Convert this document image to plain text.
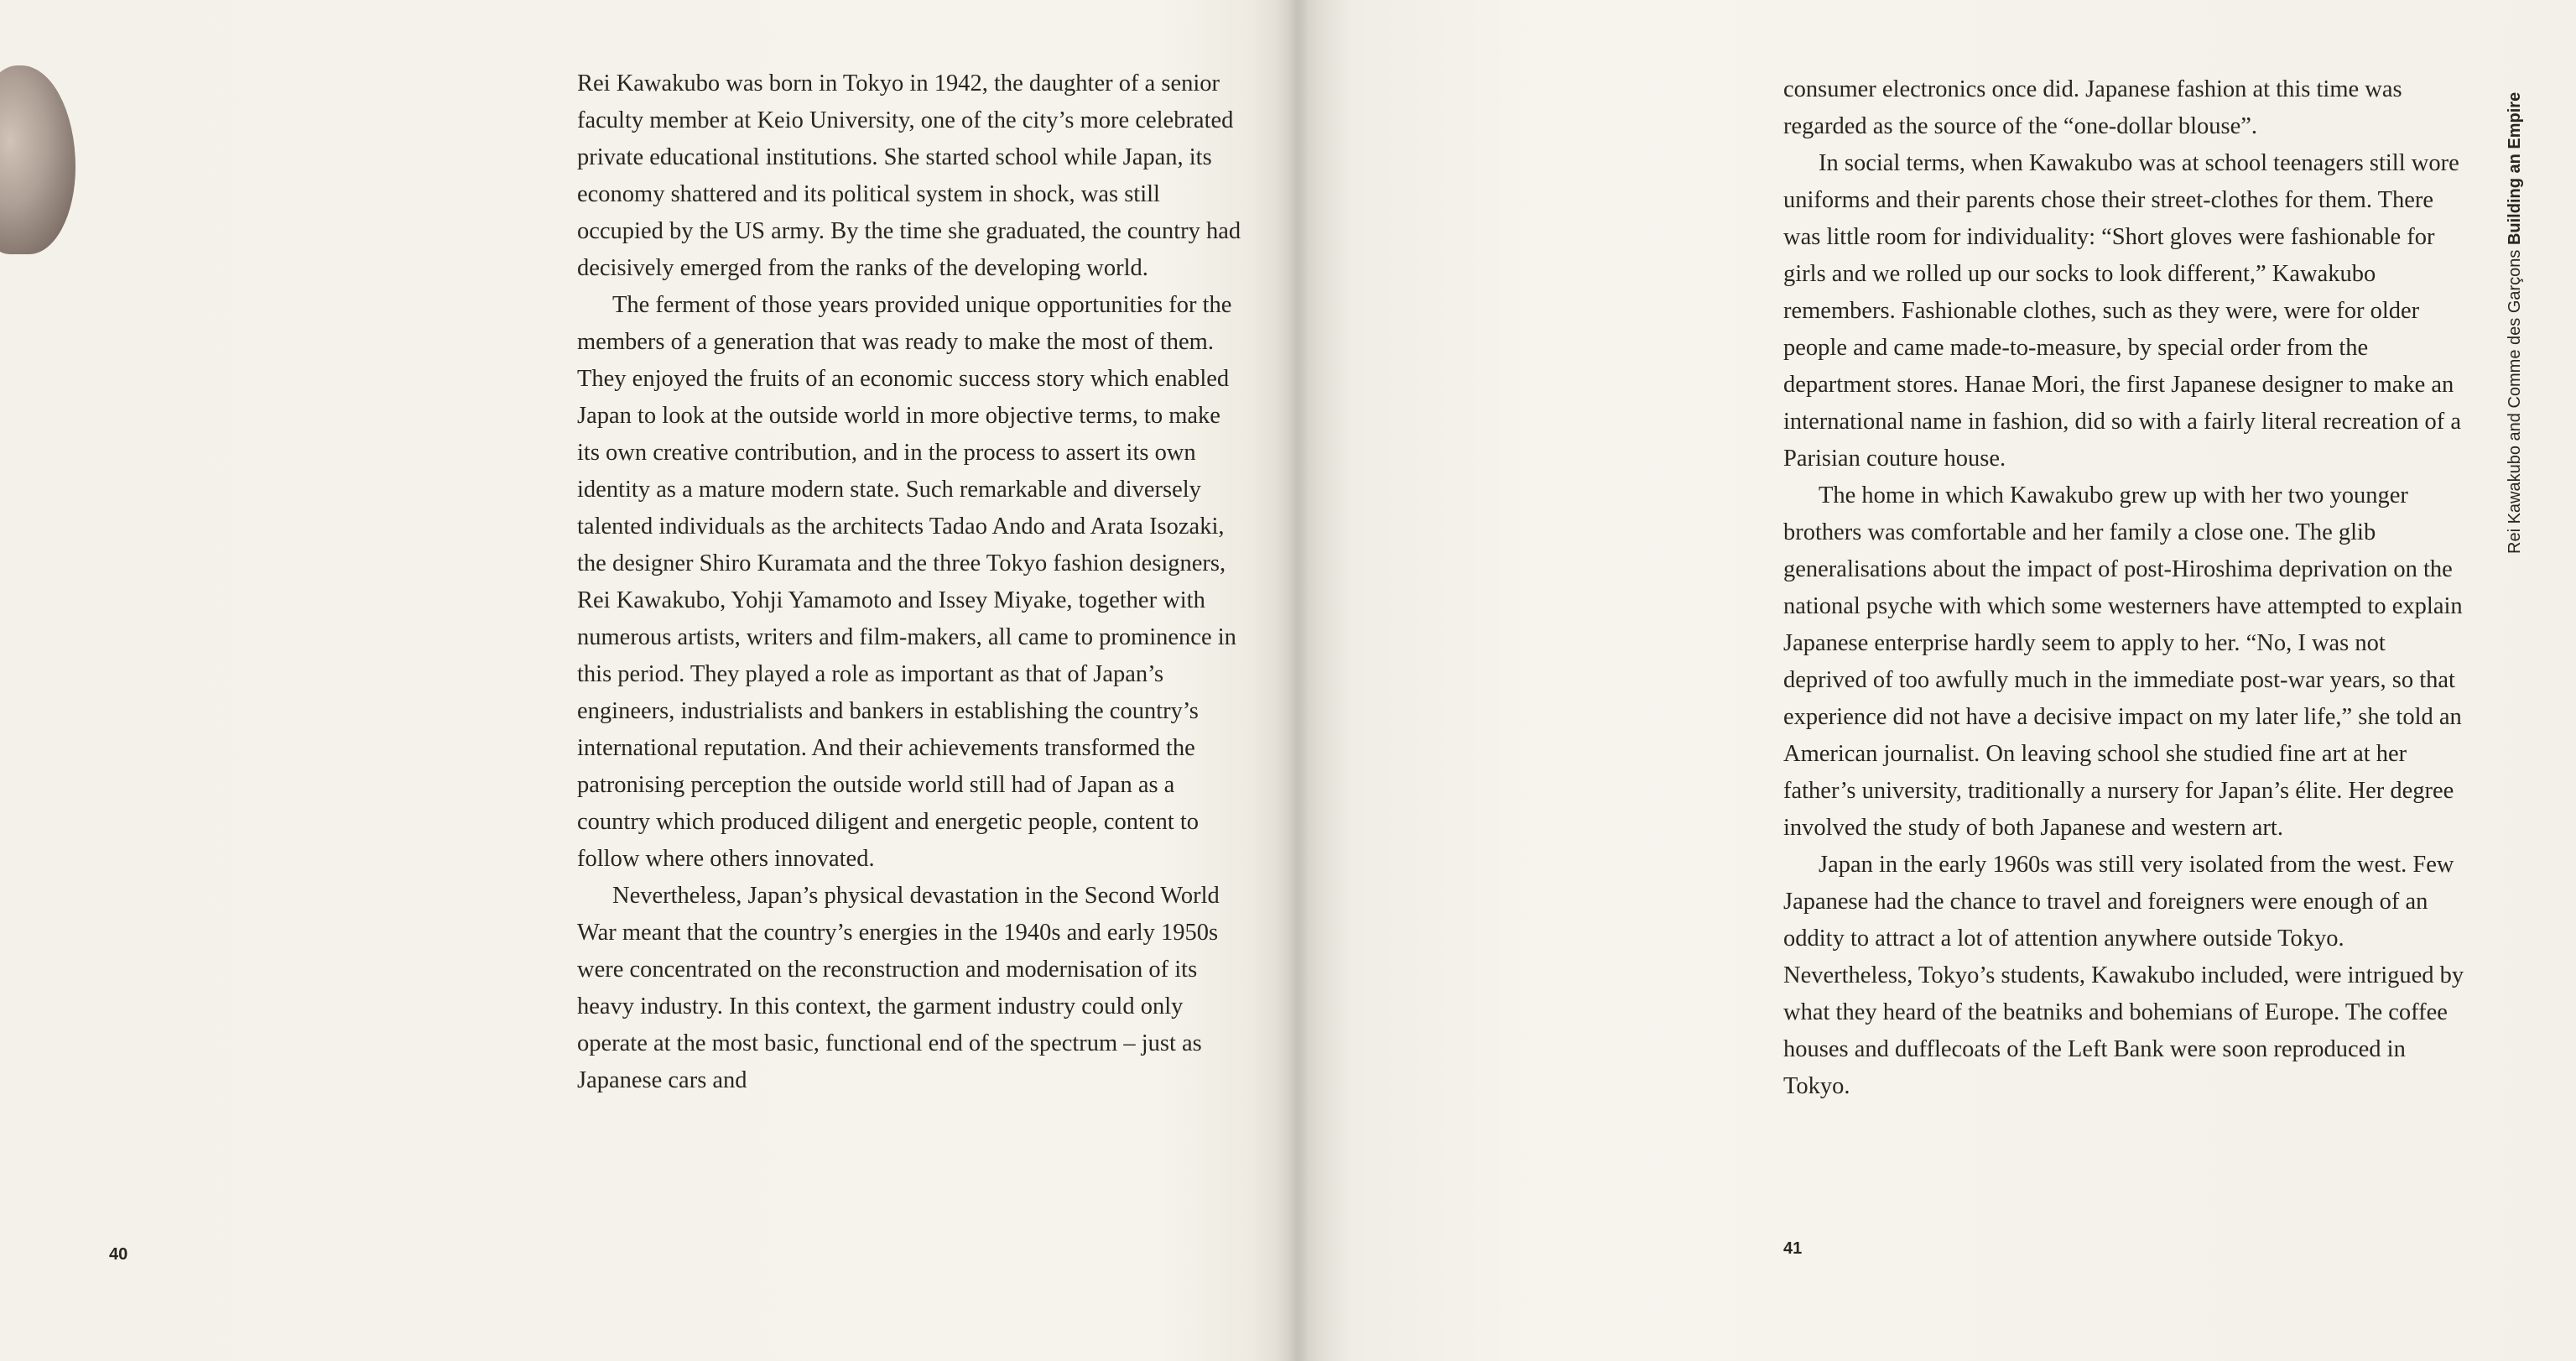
Rei Kawakubo was born in Tokyo in 1942, the daughter of a senior faculty member at Keio University, one of the city’s more celebrated private educational institutions. She started school while Japan, its economy shattered and its political system in shock, was still occupied by the US army. By the time she graduated, the country had decisively emerged from the ranks of the developing world.

The ferment of those years provided unique opportunities for the members of a generation that was ready to make the most of them. They enjoyed the fruits of an economic success story which enabled Japan to look at the outside world in more objective terms, to make its own creative contribution, and in the process to assert its own identity as a mature modern state. Such remarkable and diversely talented individuals as the architects Tadao Ando and Arata Isozaki, the designer Shiro Kuramata and the three Tokyo fashion designers, Rei Kawakubo, Yohji Yamamoto and Issey Miyake, together with numerous artists, writers and film-makers, all came to prominence in this period. They played a role as important as that of Japan’s engineers, industrialists and bankers in establishing the country’s international reputation. And their achievements transformed the patronising perception the outside world still had of Japan as a country which produced diligent and energetic people, content to follow where others innovated.

Nevertheless, Japan’s physical devastation in the Second World War meant that the country’s energies in the 1940s and early 1950s were concentrated on the reconstruction and modernisation of its heavy industry. In this context, the garment industry could only operate at the most basic, functional end of the spectrum – just as Japanese cars and

40

consumer electronics once did. Japanese fashion at this time was regarded as the source of the “one-dollar blouse”.

In social terms, when Kawakubo was at school teenagers still wore uniforms and their parents chose their street-clothes for them. There was little room for individuality: “Short gloves were fashionable for girls and we rolled up our socks to look different,” Kawakubo remembers. Fashionable clothes, such as they were, were for older people and came made-to-measure, by special order from the department stores. Hanae Mori, the first Japanese designer to make an international name in fashion, did so with a fairly literal recreation of a Parisian couture house.

The home in which Kawakubo grew up with her two younger brothers was comfortable and her family a close one. The glib generalisations about the impact of post-Hiroshima deprivation on the national psyche with which some westerners have attempted to explain Japanese enterprise hardly seem to apply to her. “No, I was not deprived of too awfully much in the immediate post-war years, so that experience did not have a decisive impact on my later life,” she told an American journalist. On leaving school she studied fine art at her father’s university, traditionally a nursery for Japan’s élite. Her degree involved the study of both Japanese and western art.

Japan in the early 1960s was still very isolated from the west. Few Japanese had the chance to travel and foreigners were enough of an oddity to attract a lot of attention anywhere outside Tokyo. Nevertheless, Tokyo’s students, Kawakubo included, were intrigued by what they heard of the beatniks and bohemians of Europe. The coffee houses and dufflecoats of the Left Bank were soon reproduced in Tokyo.

41
Rei Kawakubo and Comme des Garçons Building an Empire
